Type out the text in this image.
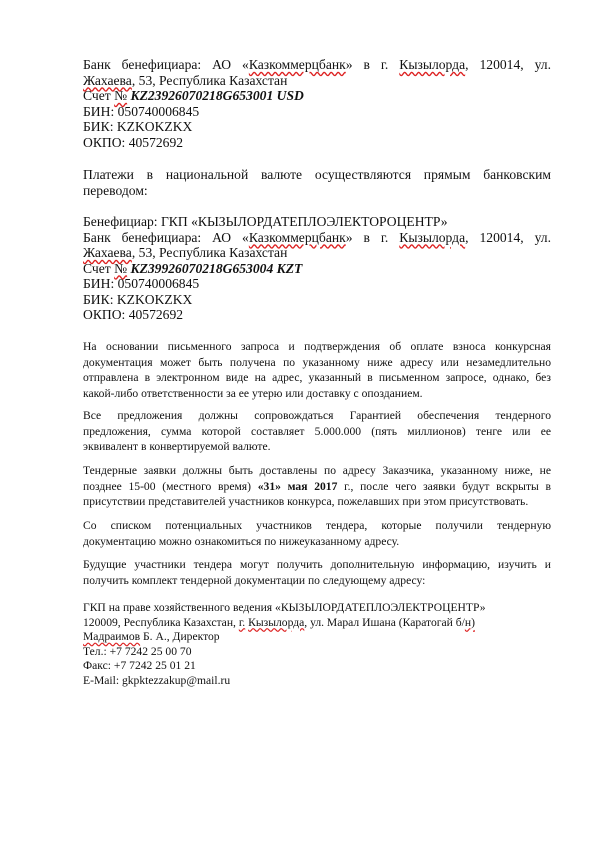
Банк бенефициара: АО «Казкоммерцбанк» в г. Кызылорда, 120014, ул.
Жахаева, 53, Республика Казахстан
Счет № KZ23926070218G653001 USD
БИН: 050740006845
БИК: KZKOKZKX
ОКПО: 40572692
Платежи в национальной валюте осуществляются прямым банковским
переводом:
Бенефициар: ГКП «КЫЗЫЛОРДАТЕПЛОЭЛЕКТОРОЦЕНТР»
Банк бенефициара: АО «Казкоммерцбанк» в г. Кызылорда, 120014, ул.
Жахаева, 53, Республика Казахстан
Счет № KZ39926070218G653004 KZT
БИН: 050740006845
БИК: KZKOKZKX
ОКПО: 40572692
На основании письменного запроса и подтверждения об оплате взноса конкурсная
документация может быть получена по указанному ниже адресу или незамедлительно
отправлена в электронном виде на адрес, указанный в письменном запросе, однако, без
какой-либо ответственности за ее утерю или доставку с опозданием.
Все предложения должны сопровождаться Гарантией обеспечения тендерного
предложения, сумма которой составляет 5.000.000 (пять миллионов) тенге или ее
эквивалент в конвертируемой валюте.
Тендерные заявки должны быть доставлены по адресу Заказчика, указанному ниже, не
позднее 15-00 (местного время) «31» мая 2017 г., после чего заявки будут вскрыты в
присутствии представителей участников конкурса, пожелавших при этом присутствовать.
Со списком потенциальных участников тендера, которые получили тендерную
документацию можно ознакомиться по нижеуказанному адресу.
Будущие участники тендера могут получить дополнительную информацию, изучить и
получить комплект тендерной документации по следующему адресу:
ГКП на праве хозяйственного ведения «КЫЗЫЛОРДАТЕПЛОЭЛЕКТРОЦЕНТР»
120009, Республика Казахстан, г. Кызылорда, ул. Марал Ишана (Каратогай б/н)
Мадраимов Б. А., Директор
Тел.: +7 7242 25 00 70
Факс: +7 7242 25 01 21
E-Mail: gkpktezzakup@mail.ru
